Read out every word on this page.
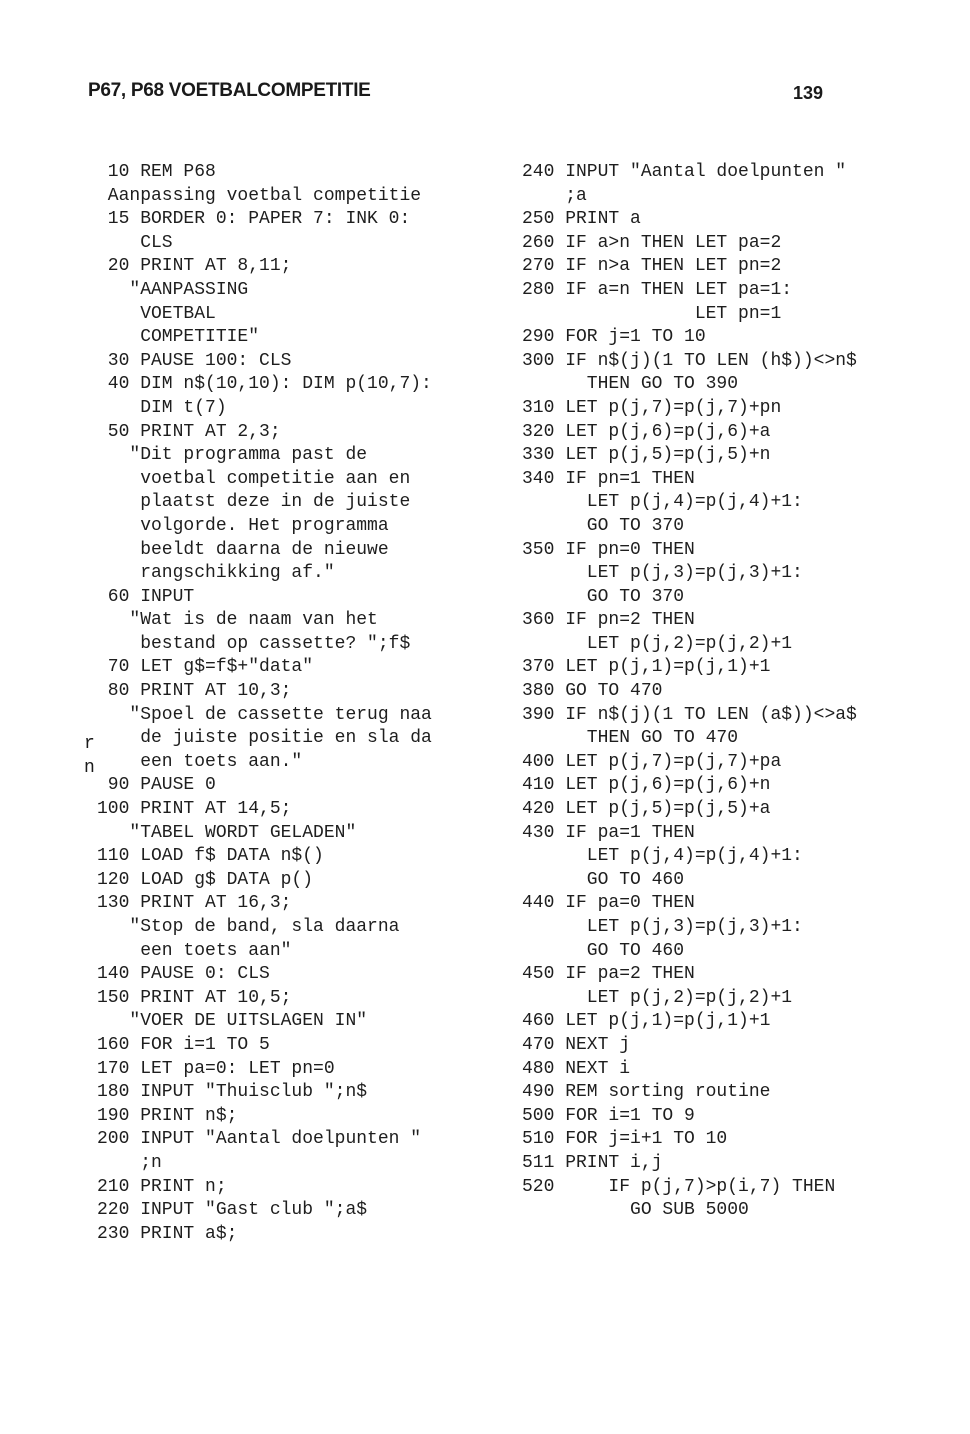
P67, P68 VOETBALCOMPETITIE	139
r
n
10 REM P68
Aanpassing voetbal competitie
15 BORDER 0: PAPER 7: INK 0:
CLS
20 PRINT AT 8,11;
"AANPASSING
VOETBAL
COMPETITIE"
30 PAUSE 100: CLS
40 DIM n$(10,10): DIM p(10,7):
DIM t(7)
50 PRINT AT 2,3;
"Dit programma past de
voetbal competitie aan en
plaatst deze in de juiste
volgorde. Het programma
beeldt daarna de nieuwe
rangschikking af."
60 INPUT
"Wat is de naam van het
bestand op cassette? ";f$
70 LET g$=f$+"data"
80 PRINT AT 10,3;
"Spoel de cassette terug naa
de juiste positie en sla da
een toets aan."
90 PAUSE 0
100 PRINT AT 14,5;
"TABEL WORDT GELADEN"
110 LOAD f$ DATA n$()
120 LOAD g$ DATA p()
130 PRINT AT 16,3;
"Stop de band, sla daarna
een toets aan"
140 PAUSE 0: CLS
150 PRINT AT 10,5;
"VOER DE UITSLAGEN IN"
160 FOR i=1 TO 5
170 LET pa=0: LET pn=0
180 INPUT "Thuisclub ";n$
190 PRINT n$;
200 INPUT "Aantal doelpunten "
;n
210 PRINT n;
220 INPUT "Gast club ";a$
230 PRINT a$;
240 INPUT "Aantal doelpunten "
;a
250 PRINT a
260 IF a>n THEN LET pa=2
270 IF n>a THEN LET pn=2
280 IF a=n THEN LET pa=1:
LET pn=1
290 FOR j=1 TO 10
300 IF n$(j)(1 TO LEN (h$))<>n$
THEN GO TO 390
310 LET p(j,7)=p(j,7)+pn
320 LET p(j,6)=p(j,6)+a
330 LET p(j,5)=p(j,5)+n
340 IF pn=1 THEN
LET p(j,4)=p(j,4)+1:
GO TO 370
350 IF pn=0 THEN
LET p(j,3)=p(j,3)+1:
GO TO 370
360 IF pn=2 THEN
LET p(j,2)=p(j,2)+1
370 LET p(j,1)=p(j,1)+1
380 GO TO 470
390 IF n$(j)(1 TO LEN (a$))<>a$
THEN GO TO 470
400 LET p(j,7)=p(j,7)+pa
410 LET p(j,6)=p(j,6)+n
420 LET p(j,5)=p(j,5)+a
430 IF pa=1 THEN
LET p(j,4)=p(j,4)+1:
GO TO 460
440 IF pa=0 THEN
LET p(j,3)=p(j,3)+1:
GO TO 460
450 IF pa=2 THEN
LET p(j,2)=p(j,2)+1
460 LET p(j,1)=p(j,1)+1
470 NEXT j
480 NEXT i
490 REM sorting routine
500 FOR i=1 TO 9
510 FOR j=i+1 TO 10
511 PRINT i,j
520     IF p(j,7)>p(i,7) THEN
GO SUB 5000
